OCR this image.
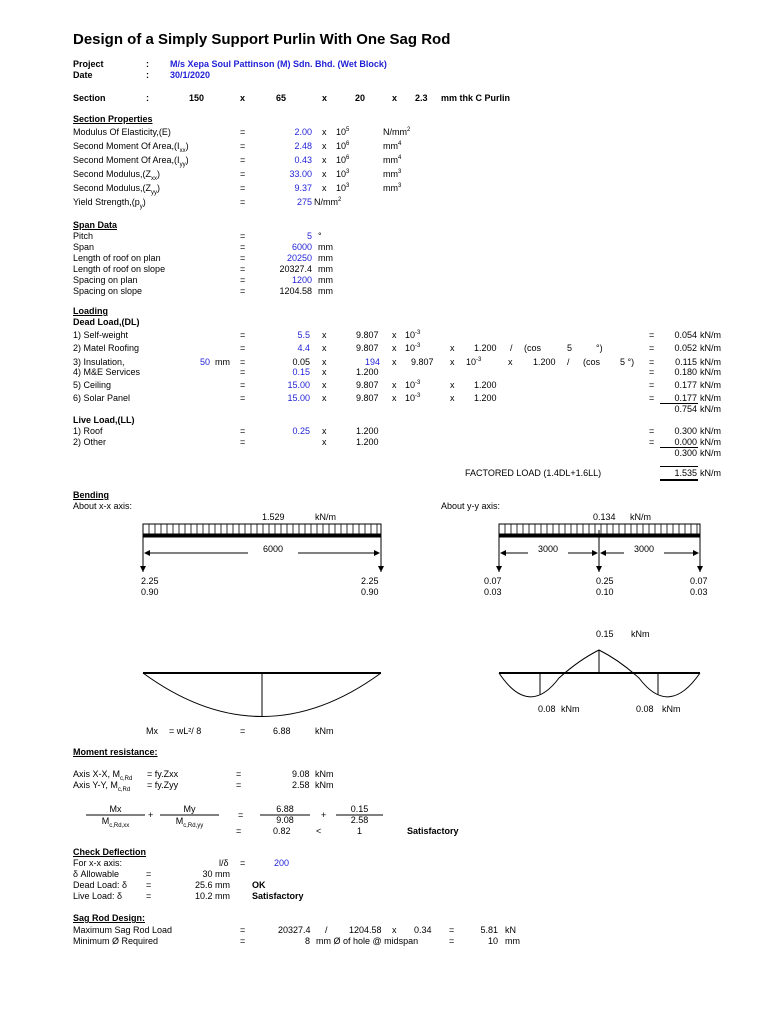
Design of a Simply Support Purlin With One Sag Rod
Project	: M/s Xepa Soul Pattinson (M) Sdn. Bhd. (Wet Block)
Date	: 30/1/2020
Section	:	150	x	65	x	20	x 2.3 mm thk C Purlin
Section Properties
Span Data
Loading
Dead Load,(DL)
1) Self-weight	=	5.5 x	9.807 x $10^{-3}$	=	0.054 kN/m
2) Matel Roofing	=	4.4 x	9.807 x $10^{-3}$	x 1.200 / (cos	5	°)	=	0.052 kN/m
3) Insulation,	50 mm =	0.05 x	194 x 9.807 x $10^{-3}$	x 1.200 / (cos 5 °) =	0.115 kN/m
4) M&E Services	=	0.15 x	1.200	=	0.180 kN/m
5) Ceiling	=	15.00 x	9.807 x $10^{-3}$	x 1.200	=	0.177 kN/m
6) Solar Panel	=	15.00 x	9.807 x $10^{-3}$	x 1.200	=	0.177 kN/m
0.754 kN/m
Live Load,(LL)
1) Roof	=	0.25 x	1.200	=	0.300 kN/m
2) Other	=	x	1.200	=	0.000 kN/m
0.300 kN/m
FACTORED LOAD (1.4DL+1.6LL)	1.535 kN/m
Bending
About x-x axis:	About y-y axis:
1.529	kN/m	0.134 kN/m
6000	3000	3000
2.25
0.90
2.25
0.90
0.07
0.03
0.25
0.10
0.07
0.03
0.15 kNm
0.08 kNm	0.08 kNm
Mx = wL²/ 8	=	6.88	kNm
Moment resistance:
Axis X-X, $M_{c,Rd} = fy.Zxx$	=	9.08 kNm
Axis Y-Y, $M_{c,Rd} = fy.Zyy$	=	2.58 kNm
Mx
$M_{c,Rd,xx}$
+
My
$M_{c,Rd,yy}$
=
6.88
9.08	+
0.15
2.58
=	0.82	<	1	Satisfactory
Check Deflection
For x-x axis:	l/δ =	200
δ Allowable	=	30 mm
Dead Load: δ =	25.6 mm OK
Live Load: δ	=	10.2 mm Satisfactory
Sag Rod Design:
Maximum Sag Rod Load	=	20327.4 / 1204.58 x 0.34 =	5.81 kN
Minimum Ø Required	=	8 mm Ø of hole @ midspan	=	10 mm
Modulus Of Elasticity,(E)	=	2.00 x $10^5$	$N/mm^2$
Second Moment Of $Area,(I_{xx})$	=	2.48 x $10^6$	$mm^4$
Second Moment Of $Area,(I_{yy})$	=	0.43 x $10^6$	$mm^4$
Second $Modulus,(Z_{xx})$	=	33.00 x $10^3$	$mm^3$
Second $Modulus,(Z_{yy})$	=	9.37 x $10^3$	$mm^3$
Yield $Strength,(p_y)$	=	275 $N/mm^2$
Pitch	=	5 °
Span	=	6000 mm
Length of roof on plan	=	20250 mm
Length of roof on slope	=	20327.4 mm
Spacing on plan	=	1200 mm
Spacing on slope	=	1204.58 mm
